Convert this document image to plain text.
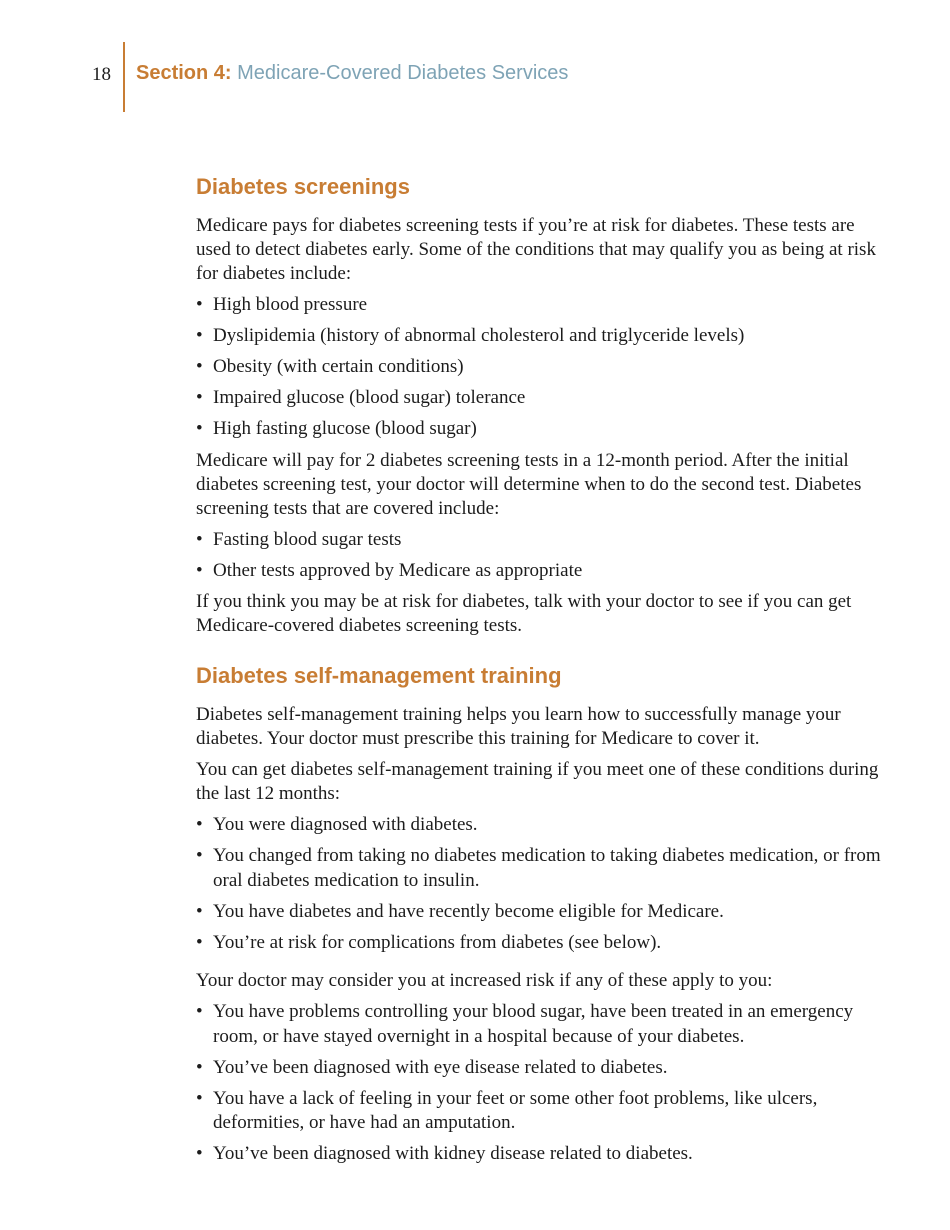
18 Section 4: Medicare-Covered Diabetes Services
Diabetes screenings

Medicare pays for diabetes screening tests if you’re at risk for diabetes. These tests are used to detect diabetes early. Some of the conditions that may qualify you as being at risk for diabetes include:

• High blood pressure
• Dyslipidemia (history of abnormal cholesterol and triglyceride levels)
• Obesity (with certain conditions)
• Impaired glucose (blood sugar) tolerance
• High fasting glucose (blood sugar)

Medicare will pay for 2 diabetes screening tests in a 12-month period. After the initial diabetes screening test, your doctor will determine when to do the second test. Diabetes screening tests that are covered include:

• Fasting blood sugar tests
• Other tests approved by Medicare as appropriate

If you think you may be at risk for diabetes, talk with your doctor to see if you can get Medicare-covered diabetes screening tests.

Diabetes self-management training

Diabetes self-management training helps you learn how to successfully manage your diabetes. Your doctor must prescribe this training for Medicare to cover it.

You can get diabetes self-management training if you meet one of these conditions during the last 12 months:

• You were diagnosed with diabetes.
• You changed from taking no diabetes medication to taking diabetes medication, or from oral diabetes medication to insulin.
• You have diabetes and have recently become eligible for Medicare.
• You’re at risk for complications from diabetes (see below).

Your doctor may consider you at increased risk if any of these apply to you:

• You have problems controlling your blood sugar, have been treated in an emergency room, or have stayed overnight in a hospital because of your diabetes.
• You’ve been diagnosed with eye disease related to diabetes.
• You have a lack of feeling in your feet or some other foot problems, like ulcers, deformities, or have had an amputation.
• You’ve been diagnosed with kidney disease related to diabetes.
